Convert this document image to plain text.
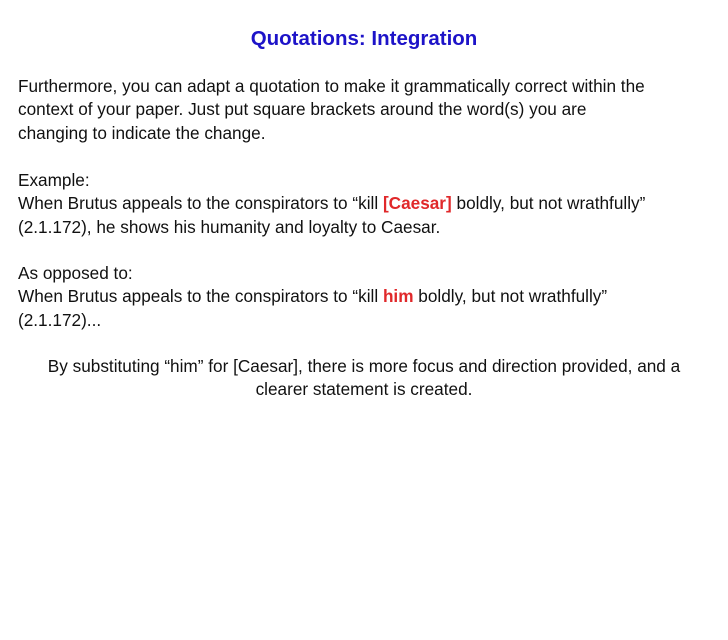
Quotations: Integration
Furthermore, you can adapt a quotation to make it grammatically correct within the
context of your paper. Just put square brackets around the word(s) you are
changing to indicate the change.
Example:
When Brutus appeals to the conspirators to “kill [Caesar] boldly, but not wrathfully”
(2.1.172), he shows his humanity and loyalty to Caesar.
As opposed to:
When Brutus appeals to the conspirators to “kill him boldly, but not wrathfully”
(2.1.172)...
By substituting “him” for [Caesar], there is more focus and direction provided, and a
clearer statement is created.
